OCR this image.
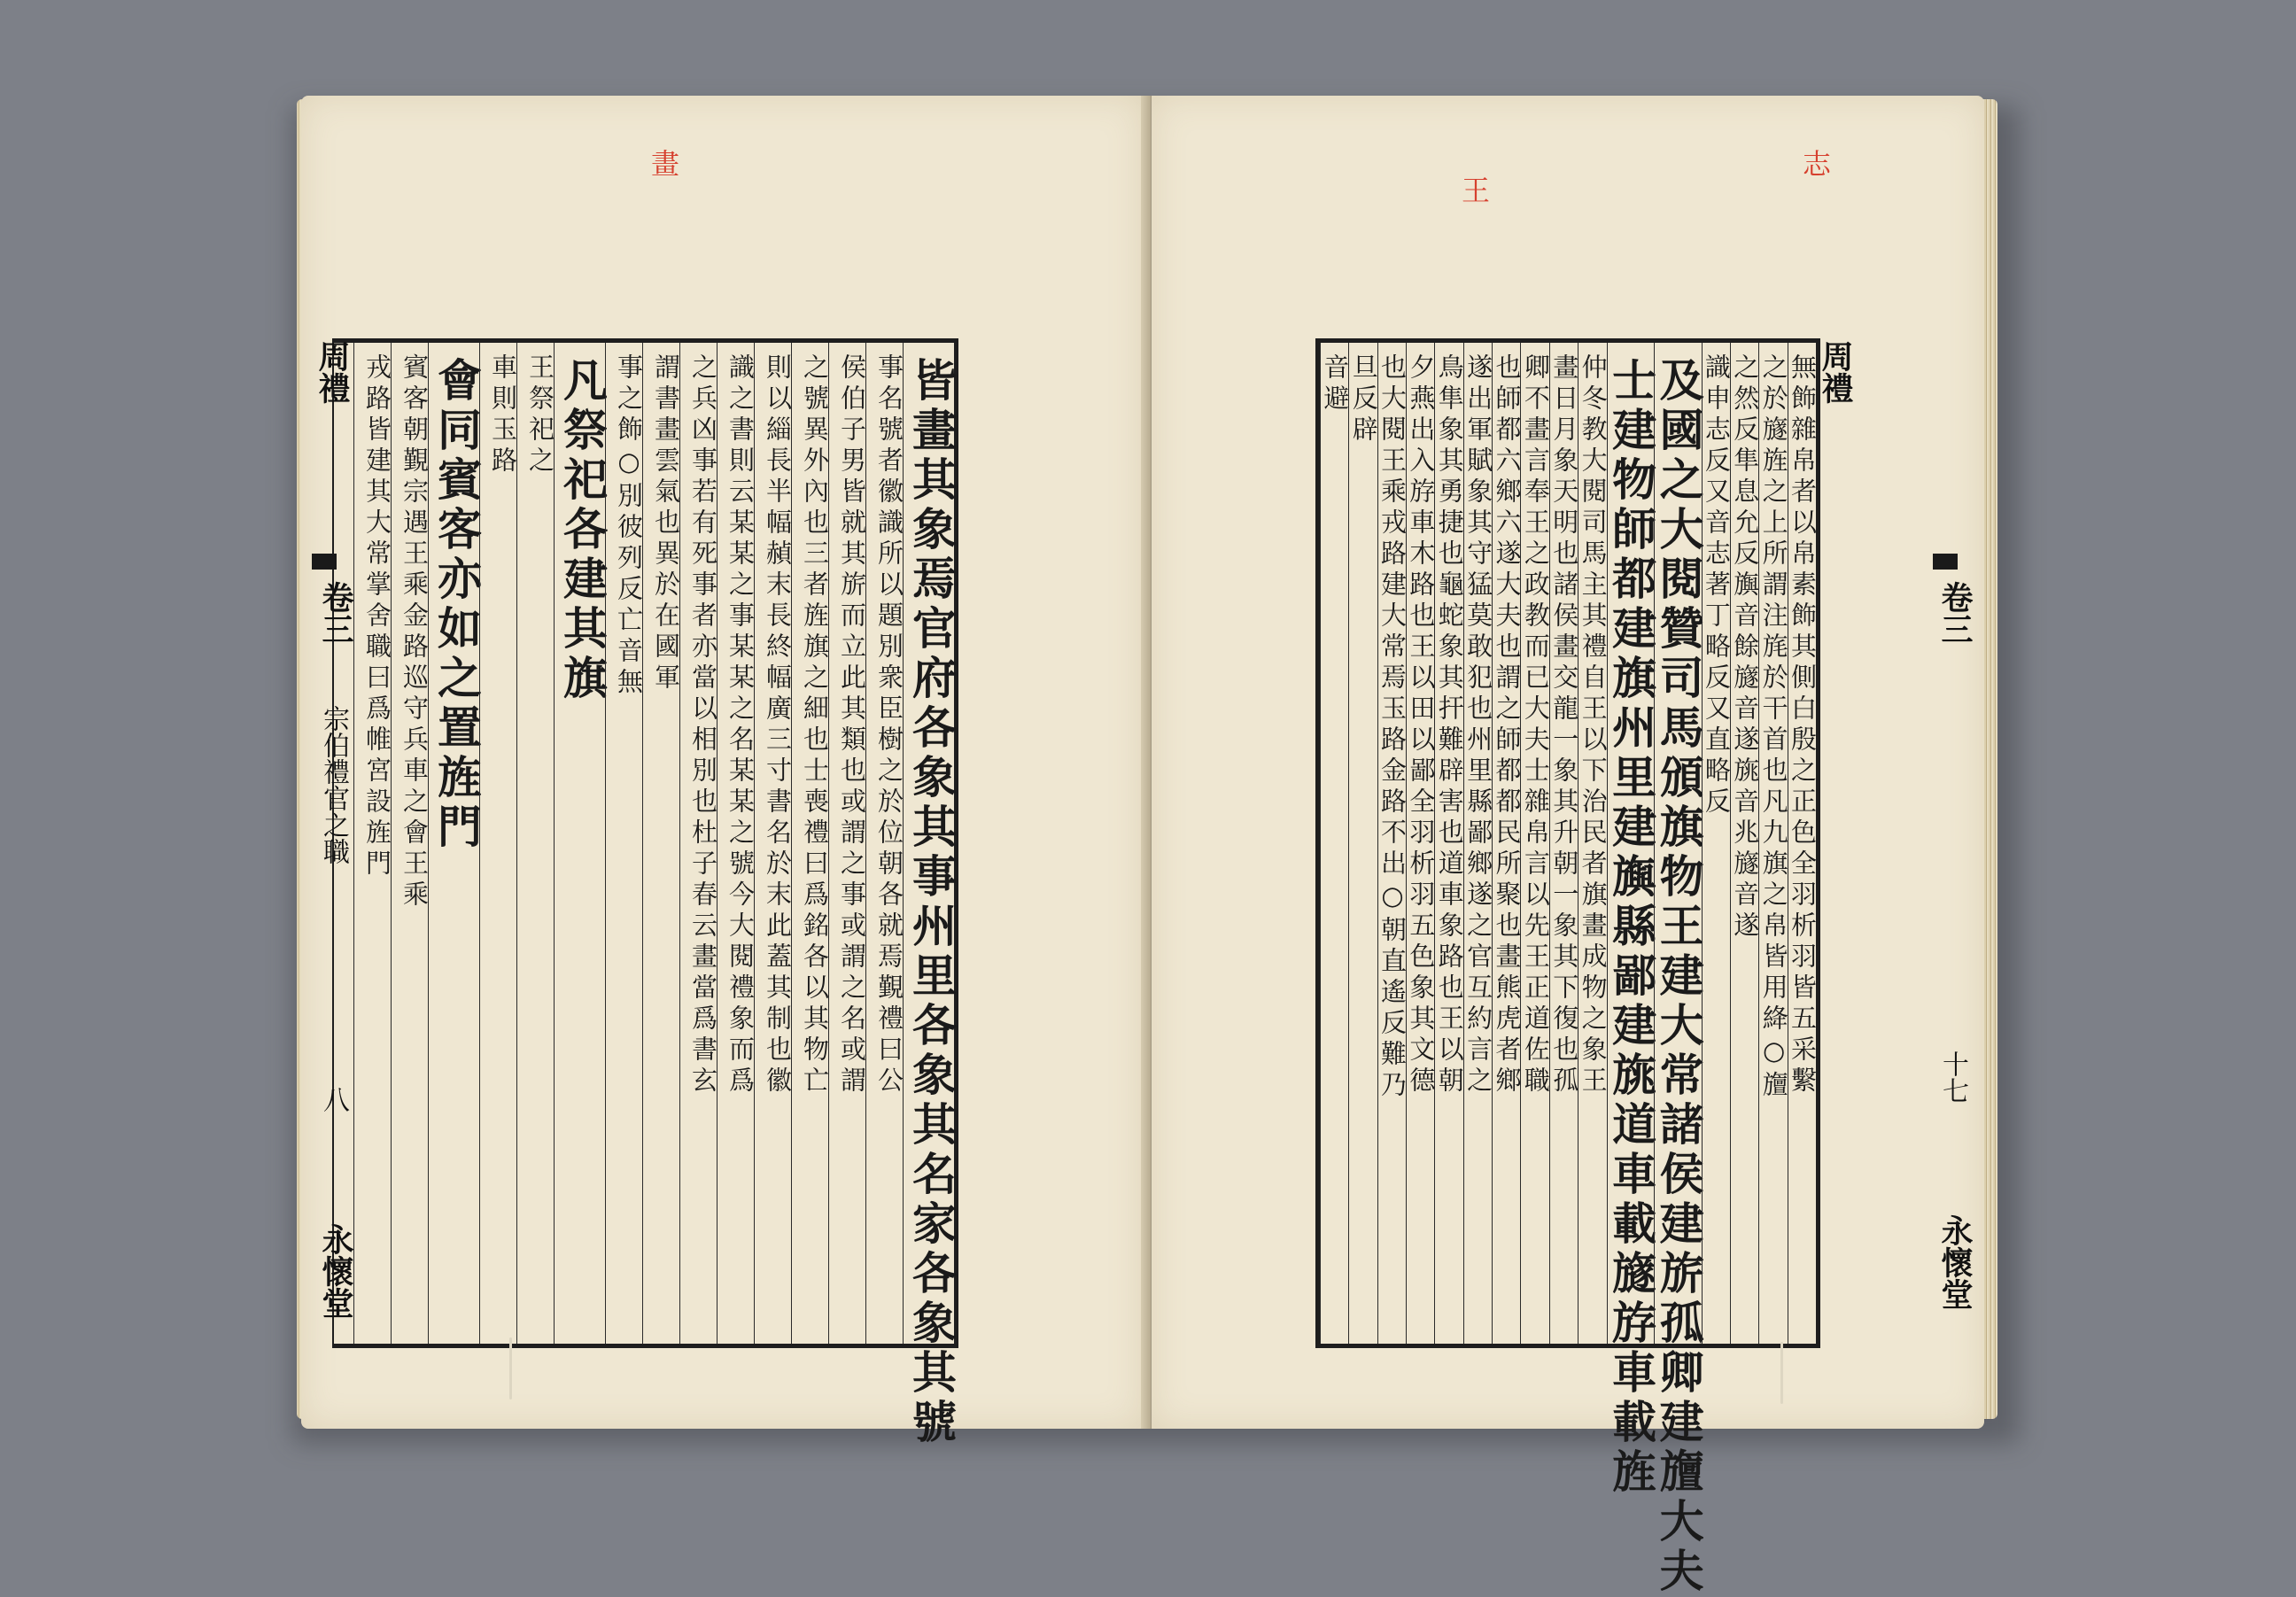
畫
皆畫其象焉官府各象其事州里各象其名家各象其號
事名號者徽識所以題別衆臣樹之於位朝各就焉覲禮曰公
侯伯子男皆就其旂而立此其類也或謂之事或謂之名或謂
之號異外內也三者旌旗之細也士喪禮曰爲銘各以其物亡
則以緇長半幅赬末長終幅廣三寸書名於末此蓋其制也徽
識之書則云某某之事某某之名某某之號今大閱禮象而爲
之兵凶事若有死事者亦當以相別也杜子春云畫當爲書玄
謂書畫雲氣也異於在國軍
事之飾○別彼列反亡音無
凡祭祀各建其旗
王祭祀之
車則玉路
會同賓客亦如之置旌門
賓客朝覲宗遇王乘金路巡守兵車之會王乘
戎路皆建其大常掌舍職曰爲帷宮設旌門
周禮
卷三
宗伯禮官之職
八
永懷堂
王
志
無飾雜帛者以帛素飾其側白殷之正色全羽析羽皆五采繫
之於旞旌之上所謂注旄於干首也凡九旗之帛皆用絳○旜
之然反隼息允反旟音餘旞音遂旐音兆旞音遂
識申志反又音志著丁略反又直略反
及國之大閱贊司馬頒旗物王建大常諸侯建旂孤卿建旜大夫
士建物師都建旗州里建旟縣鄙建旐道車載旞斿車載旌
仲冬教大閱司馬主其禮自王以下治民者旗畫成物之象王
畫日月象天明也諸侯畫交龍一象其升朝一象其下復也孤
卿不畫言奉王之政教而已大夫士雜帛言以先王正道佐職
也師都六鄉六遂大夫也謂之師都都民所聚也畫熊虎者鄉
遂出軍賦象其守猛莫敢犯也州里縣鄙鄉遂之官互約言之
鳥隼象其勇捷也龜蛇象其扞難辟害也道車象路也王以朝
夕燕出入斿車木路也王以田以鄙全羽析羽五色象其文德
也大閱王乘戎路建大常焉玉路金路不出○朝直遙反難乃
旦反辟
音避	周禮
卷三
十七
永懷堂
